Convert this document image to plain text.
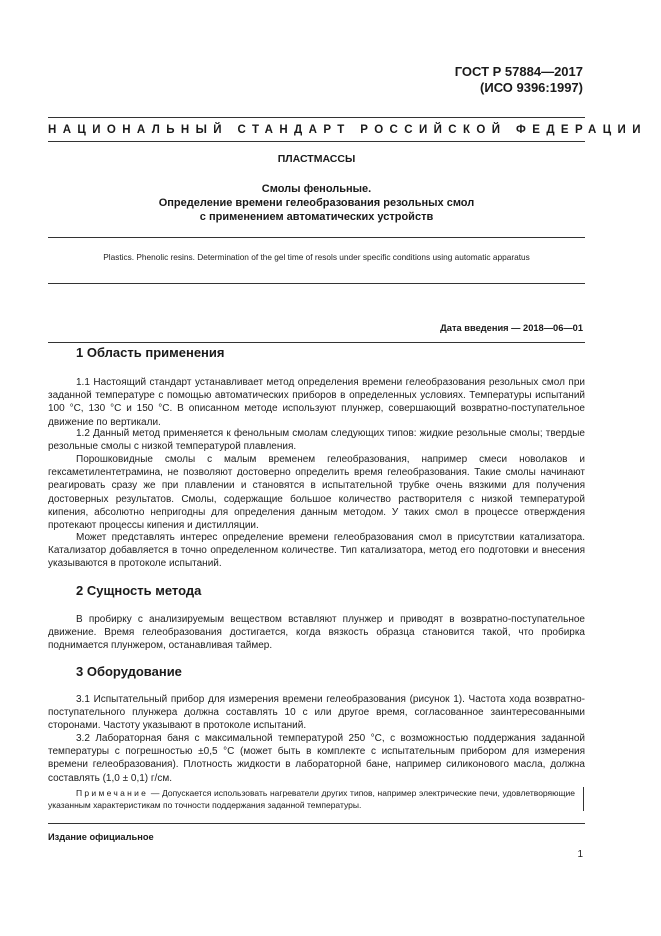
ГОСТ Р 57884—2017
(ИСО 9396:1997)
НАЦИОНАЛЬНЫЙ СТАНДАРТ РОССИЙСКОЙ ФЕДЕРАЦИИ
ПЛАСТМАССЫ
Смолы фенольные.
Определение времени гелеобразования резольных смол
с применением автоматических устройств
Plastics. Phenolic resins. Determination of the gel time of resols under specific conditions using automatic apparatus
Дата введения — 2018—06—01
1 Область применения
1.1 Настоящий стандарт устанавливает метод определения времени гелеобразования резольных смол при заданной температуре с помощью автоматических приборов в определенных условиях. Температуры испытаний 100 °С, 130 °С и 150 °С. В описанном методе используют плунжер, совершающий возвратно-поступательное движение по вертикали.
1.2 Данный метод применяется к фенольным смолам следующих типов: жидкие резольные смолы; твердые резольные смолы с низкой температурой плавления.
Порошковидные смолы с малым временем гелеобразования, например смеси новолаков и гексаметилентетрамина, не позволяют достоверно определить время гелеобразования. Такие смолы начинают реагировать сразу же при плавлении и становятся в испытательной трубке очень вязкими для получения достоверных результатов. Смолы, содержащие большое количество растворителя с низкой температурой кипения, абсолютно непригодны для определения данным методом. У таких смол в процессе отверждения протекают процессы кипения и дистилляции.
Может представлять интерес определение времени гелеобразования смол в присутствии катализатора. Катализатор добавляется в точно определенном количестве. Тип катализатора, метод его подготовки и внесения указываются в протоколе испытаний.
2 Сущность метода
В пробирку с анализируемым веществом вставляют плунжер и приводят в возвратно-поступательное движение. Время гелеобразования достигается, когда вязкость образца становится такой, что пробирка поднимается плунжером, останавливая таймер.
3 Оборудование
3.1 Испытательный прибор для измерения времени гелеобразования (рисунок 1). Частота хода возвратно-поступательного плунжера должна составлять 10 с или другое время, согласованное заинтересованными сторонами. Частоту указывают в протоколе испытаний.
3.2 Лабораторная баня с максимальной температурой 250 °С, с возможностью поддержания заданной температуры с погрешностью ±0,5 °С (может быть в комплекте с испытательным прибором для измерения времени гелеобразования). Плотность жидкости в лабораторной бане, например силиконового масла, должна составлять (1,0 ± 0,1) г/см.
Примечание — Допускается использовать нагреватели других типов, например электрические печи, удовлетворяющие указанным характеристикам по точности поддержания заданной температуры.
Издание официальное
1
